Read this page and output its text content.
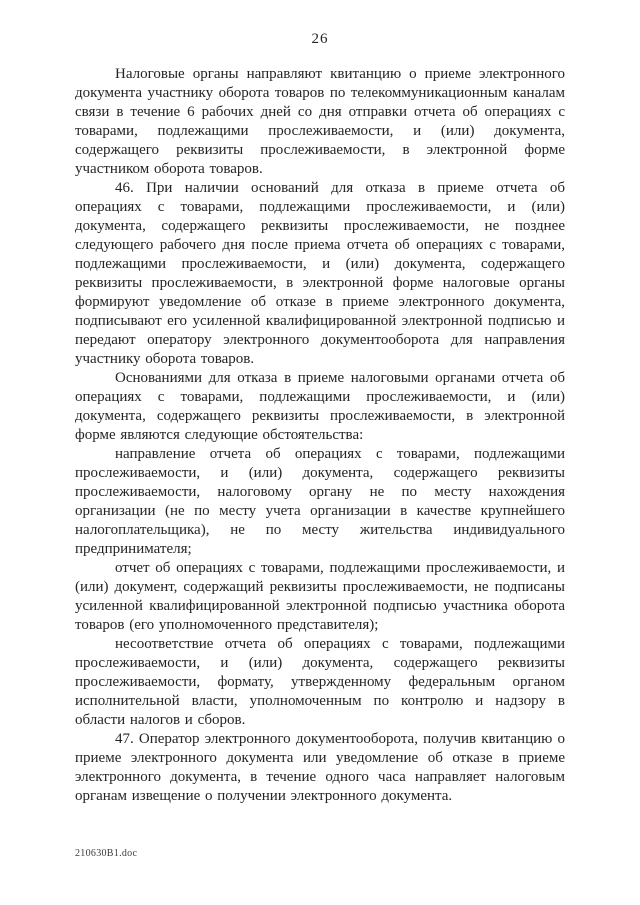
26

Налоговые органы направляют квитанцию о приеме электронного документа участнику оборота товаров по телекоммуникационным каналам связи в течение 6 рабочих дней со дня отправки отчета об операциях с товарами, подлежащими прослеживаемости, и (или) документа, содержащего реквизиты прослеживаемости, в электронной форме участником оборота товаров.

46. При наличии оснований для отказа в приеме отчета об операциях с товарами, подлежащими прослеживаемости, и (или) документа, содержащего реквизиты прослеживаемости, не позднее следующего рабочего дня после приема отчета об операциях с товарами, подлежащими прослеживаемости, и (или) документа, содержащего реквизиты прослеживаемости, в электронной форме налоговые органы формируют уведомление об отказе в приеме электронного документа, подписывают его усиленной квалифицированной электронной подписью и передают оператору электронного документооборота для направления участнику оборота товаров.

Основаниями для отказа в приеме налоговыми органами отчета об операциях с товарами, подлежащими прослеживаемости, и (или) документа, содержащего реквизиты прослеживаемости, в электронной форме являются следующие обстоятельства:

направление отчета об операциях с товарами, подлежащими прослеживаемости, и (или) документа, содержащего реквизиты прослеживаемости, налоговому органу не по месту нахождения организации (не по месту учета организации в качестве крупнейшего налогоплательщика), не по месту жительства индивидуального предпринимателя;

отчет об операциях с товарами, подлежащими прослеживаемости, и (или) документ, содержащий реквизиты прослеживаемости, не подписаны усиленной квалифицированной электронной подписью участника оборота товаров (его уполномоченного представителя);

несоответствие отчета об операциях с товарами, подлежащими прослеживаемости, и (или) документа, содержащего реквизиты прослеживаемости, формату, утвержденному федеральным органом исполнительной власти, уполномоченным по контролю и надзору в области налогов и сборов.

47. Оператор электронного документооборота, получив квитанцию о приеме электронного документа или уведомление об отказе в приеме электронного документа, в течение одного часа направляет налоговым органам извещение о получении электронного документа.

210630B1.doc
